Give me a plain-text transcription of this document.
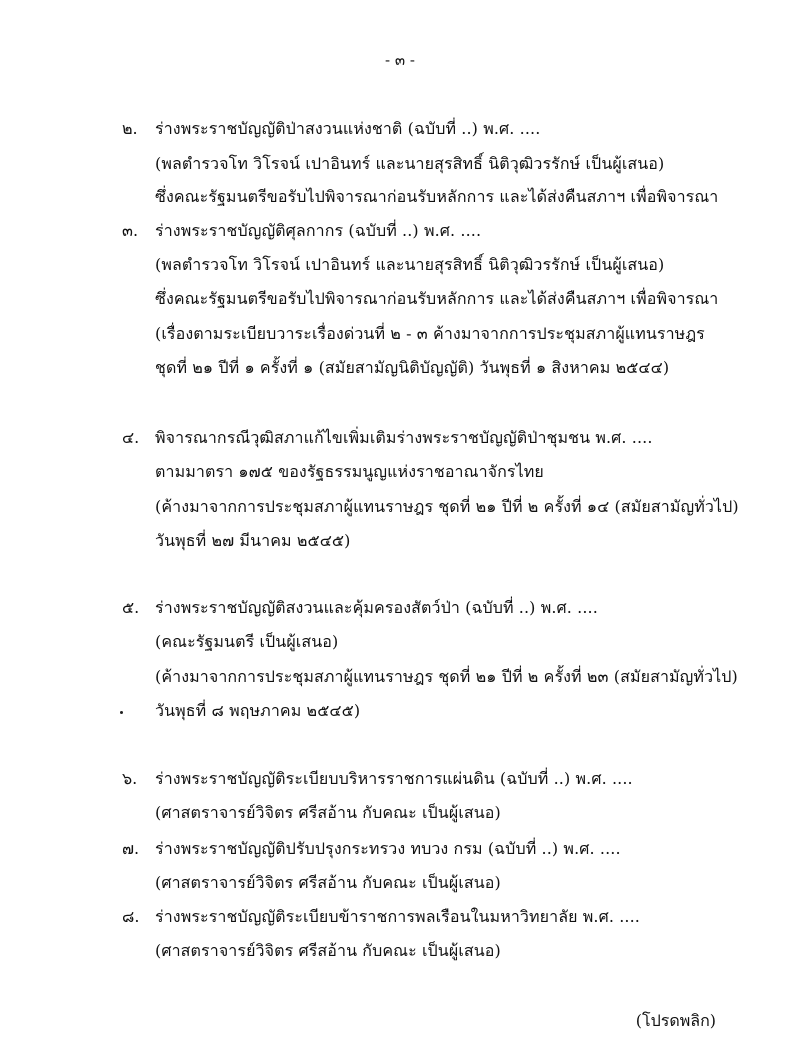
- ๓ -
๒. ร่างพระราชบัญญัติป่าสงวนแห่งชาติ (ฉบับที่ ..) พ.ศ. ....
(พลตำรวจโท วิโรจน์ เปาอินทร์ และนายสุรสิทธิ์ นิติวุฒิวรรักษ์ เป็นผู้เสนอ)
ซึ่งคณะรัฐมนตรีขอรับไปพิจารณาก่อนรับหลักการ และได้ส่งคืนสภาฯ เพื่อพิจารณา
๓. ร่างพระราชบัญญัติศุลกากร (ฉบับที่ ..) พ.ศ. ....
(พลตำรวจโท วิโรจน์ เปาอินทร์ และนายสุรสิทธิ์ นิติวุฒิวรรักษ์ เป็นผู้เสนอ)
ซึ่งคณะรัฐมนตรีขอรับไปพิจารณาก่อนรับหลักการ และได้ส่งคืนสภาฯ เพื่อพิจารณา
(เรื่องตามระเบียบวาระเรื่องด่วนที่ ๒ - ๓ ค้างมาจากการประชุมสภาผู้แทนราษฎร
ชุดที่ ๒๑ ปีที่ ๑ ครั้งที่ ๑ (สมัยสามัญนิติบัญญัติ) วันพุธที่ ๑ สิงหาคม ๒๕๔๔)
๔. พิจารณากรณีวุฒิสภาแก้ไขเพิ่มเติมร่างพระราชบัญญัติป่าชุมชน พ.ศ. ....
ตามมาตรา ๑๗๕ ของรัฐธรรมนูญแห่งราชอาณาจักรไทย
(ค้างมาจากการประชุมสภาผู้แทนราษฎร ชุดที่ ๒๑ ปีที่ ๒ ครั้งที่ ๑๔ (สมัยสามัญทั่วไป)
วันพุธที่ ๒๗ มีนาคม ๒๕๔๕)
๕. ร่างพระราชบัญญัติสงวนและคุ้มครองสัตว์ป่า (ฉบับที่ ..) พ.ศ. ....
(คณะรัฐมนตรี เป็นผู้เสนอ)
(ค้างมาจากการประชุมสภาผู้แทนราษฎร ชุดที่ ๒๑ ปีที่ ๒ ครั้งที่ ๒๓ (สมัยสามัญทั่วไป)
วันพุธที่ ๘ พฤษภาคม ๒๕๔๕)
๖. ร่างพระราชบัญญัติระเบียบบริหารราชการแผ่นดิน (ฉบับที่ ..) พ.ศ. ....
(ศาสตราจารย์วิจิตร ศรีสอ้าน กับคณะ เป็นผู้เสนอ)
๗. ร่างพระราชบัญญัติปรับปรุงกระทรวง ทบวง กรม (ฉบับที่ ..) พ.ศ. ....
(ศาสตราจารย์วิจิตร ศรีสอ้าน กับคณะ เป็นผู้เสนอ)
๘. ร่างพระราชบัญญัติระเบียบข้าราชการพลเรือนในมหาวิทยาลัย พ.ศ. ....
(ศาสตราจารย์วิจิตร ศรีสอ้าน กับคณะ เป็นผู้เสนอ)
(โปรดพลิก)
